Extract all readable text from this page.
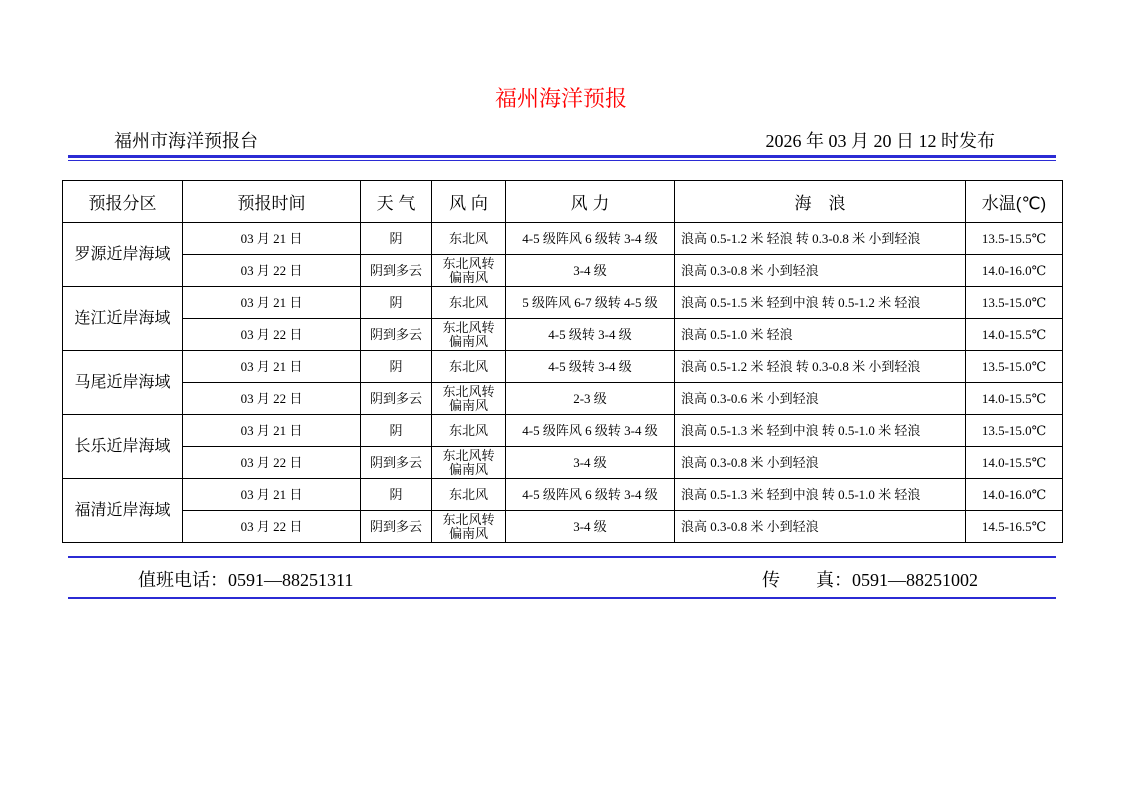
福州海洋预报
福州市海洋预报台	2026 年 03 月 20 日 12 时发布
预报分区	预报时间	天 气	风 向	风 力	海　浪	水温(℃)
罗源近岸海域	03 月 21 日	阴	东北风	4-5 级阵风 6 级转 3-4 级	浪高 0.5-1.2 米 轻浪 转 0.3-0.8 米 小到轻浪	13.5-15.5℃
	03 月 22 日	阴到多云	东北风转偏南风	3-4 级	浪高 0.3-0.8 米 小到轻浪	14.0-16.0℃
连江近岸海域	03 月 21 日	阴	东北风	5 级阵风 6-7 级转 4-5 级	浪高 0.5-1.5 米 轻到中浪 转 0.5-1.2 米 轻浪	13.5-15.0℃
	03 月 22 日	阴到多云	东北风转偏南风	4-5 级转 3-4 级	浪高 0.5-1.0 米 轻浪	14.0-15.5℃
马尾近岸海域	03 月 21 日	阴	东北风	4-5 级转 3-4 级	浪高 0.5-1.2 米 轻浪 转 0.3-0.8 米 小到轻浪	13.5-15.0℃
	03 月 22 日	阴到多云	东北风转偏南风	2-3 级	浪高 0.3-0.6 米 小到轻浪	14.0-15.5℃
长乐近岸海域	03 月 21 日	阴	东北风	4-5 级阵风 6 级转 3-4 级	浪高 0.5-1.3 米 轻到中浪 转 0.5-1.0 米 轻浪	13.5-15.0℃
	03 月 22 日	阴到多云	东北风转偏南风	3-4 级	浪高 0.3-0.8 米 小到轻浪	14.0-15.5℃
福清近岸海域	03 月 21 日	阴	东北风	4-5 级阵风 6 级转 3-4 级	浪高 0.5-1.3 米 轻到中浪 转 0.5-1.0 米 轻浪	14.0-16.0℃
	03 月 22 日	阴到多云	东北风转偏南风	3-4 级	浪高 0.3-0.8 米 小到轻浪	14.5-16.5℃
值班电话：0591—88251311	传　　真：0591—88251002
